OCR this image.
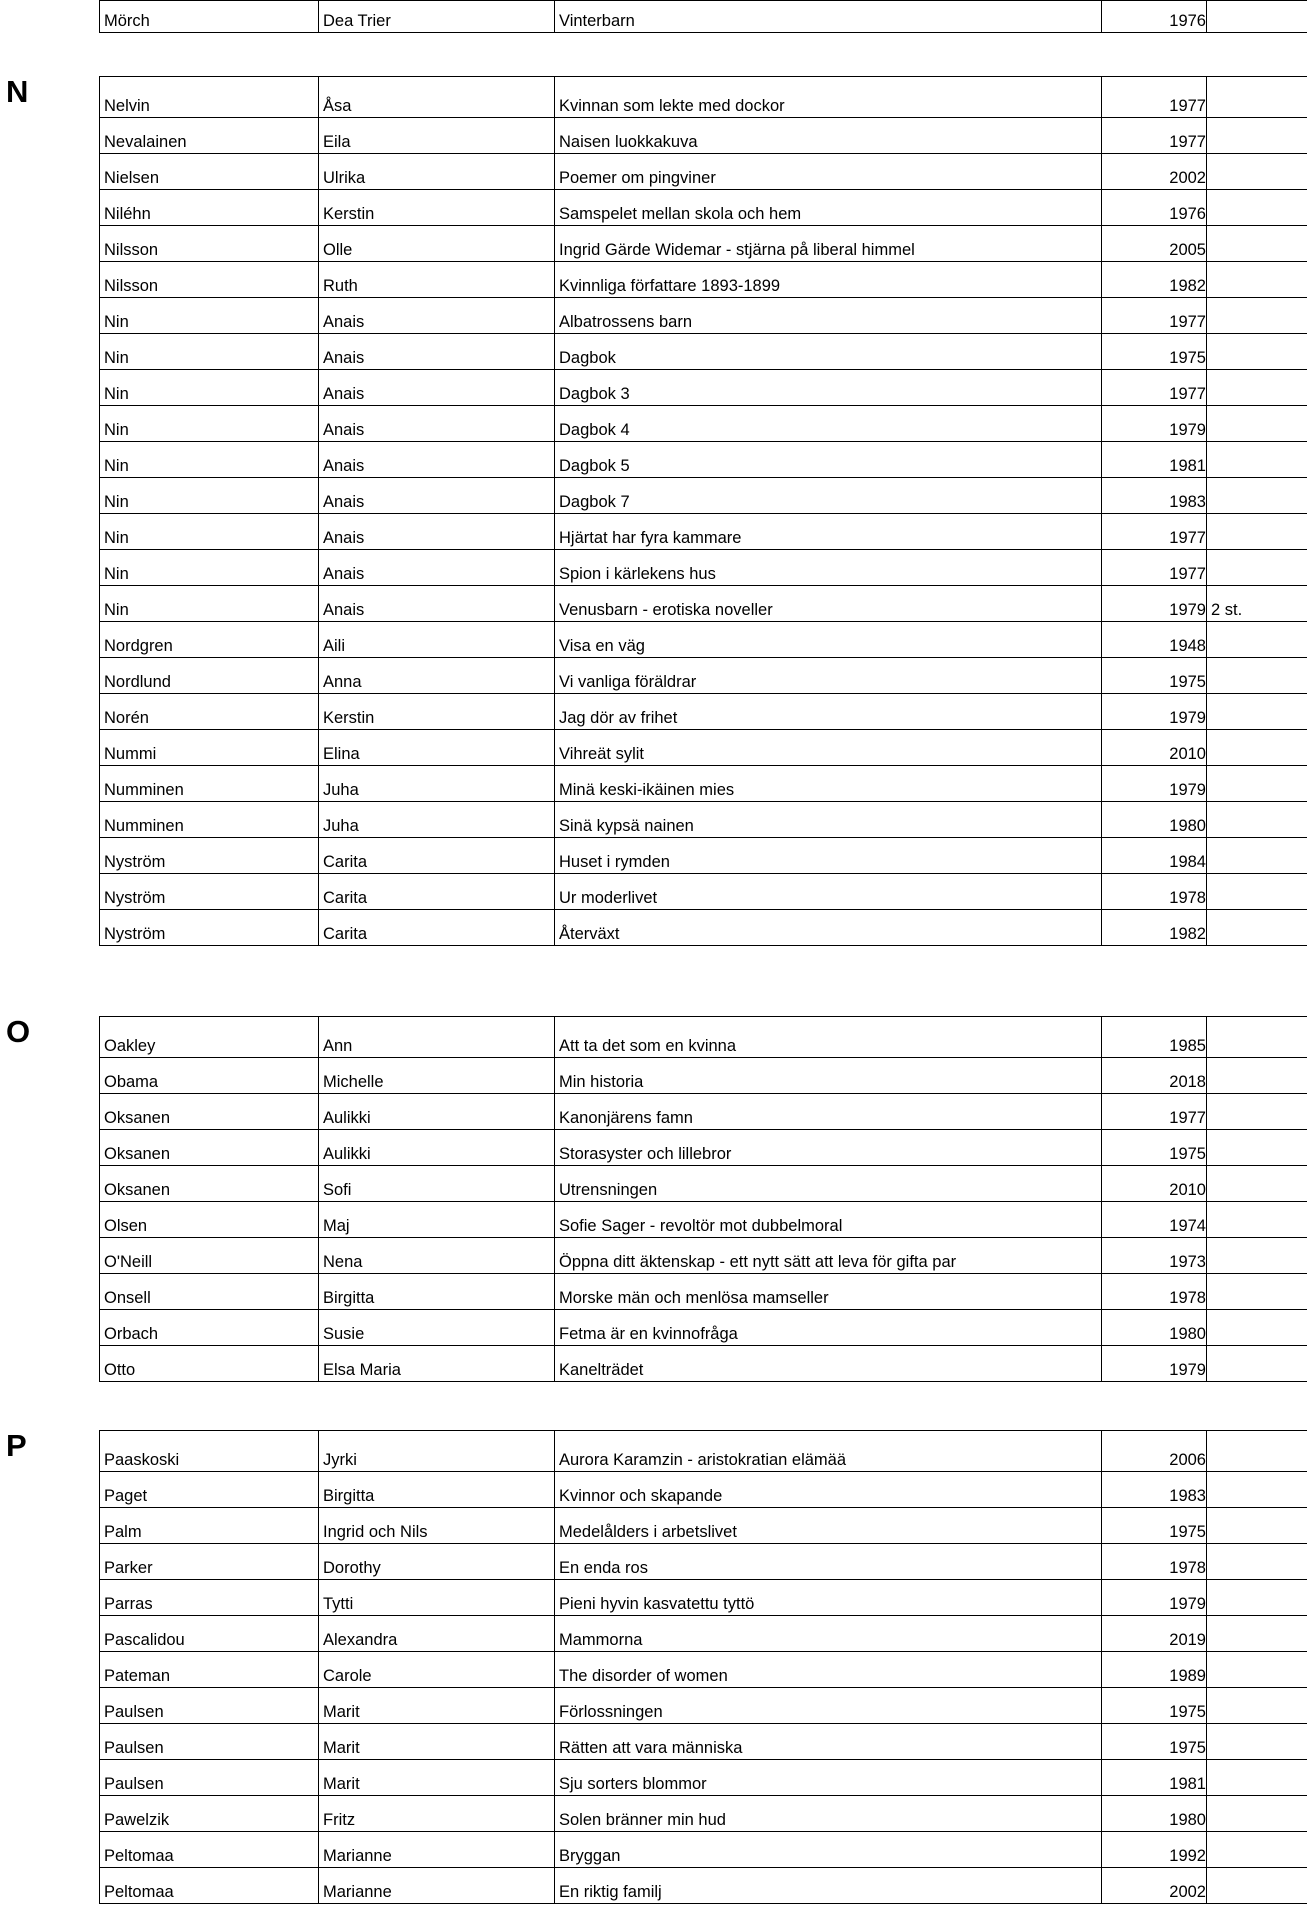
Mörch	Dea Trier	Vinterbarn	1976	
N	Nelvin	Åsa	Kvinnan som lekte med dockor	1977	
Nevalainen	Eila	Naisen luokkakuva	1977	
Nielsen	Ulrika	Poemer om pingviner	2002	
Niléhn	Kerstin	Samspelet mellan skola och hem	1976	
Nilsson	Olle	Ingrid Gärde Widemar - stjärna på liberal himmel	2005	
Nilsson	Ruth	Kvinnliga författare 1893-1899	1982	
Nin	Anais	Albatrossens barn	1977	
Nin	Anais	Dagbok	1975	
Nin	Anais	Dagbok 3	1977	
Nin	Anais	Dagbok 4	1979	
Nin	Anais	Dagbok 5	1981	
Nin	Anais	Dagbok 7	1983	
Nin	Anais	Hjärtat har fyra kammare	1977	
Nin	Anais	Spion i kärlekens hus	1977	
Nin	Anais	Venusbarn - erotiska noveller	1979	2 st.
Nordgren	Aili	Visa en väg	1948	
Nordlund	Anna	Vi vanliga föräldrar	1975	
Norén	Kerstin	Jag dör av frihet	1979	
Nummi	Elina	Vihreät sylit	2010	
Numminen	Juha	Minä keski-ikäinen mies	1979	
Numminen	Juha	Sinä kypsä nainen	1980	
Nyström	Carita	Huset i rymden	1984	
Nyström	Carita	Ur moderlivet	1978	
Nyström	Carita	Återväxt	1982	
O	Oakley	Ann	Att ta det som en kvinna	1985	
Obama	Michelle	Min historia	2018	
Oksanen	Aulikki	Kanonjärens famn	1977	
Oksanen	Aulikki	Storasyster och lillebror	1975	
Oksanen	Sofi	Utrensningen	2010	
Olsen	Maj	Sofie Sager - revoltör mot dubbelmoral	1974	
O'Neill	Nena	Öppna ditt äktenskap - ett nytt sätt att leva för gifta par	1973	
Onsell	Birgitta	Morske män och menlösa mamseller	1978	
Orbach	Susie	Fetma är en kvinnofråga	1980	
Otto	Elsa Maria	Kanelträdet	1979	
P	Paaskoski	Jyrki	Aurora Karamzin - aristokratian elämää	2006	
Paget	Birgitta	Kvinnor och skapande	1983	
Palm	Ingrid och Nils	Medelålders i arbetslivet	1975	
Parker	Dorothy	En enda ros	1978	
Parras	Tytti	Pieni hyvin kasvatettu tyttö	1979	
Pascalidou	Alexandra	Mammorna	2019	
Pateman	Carole	The disorder of women	1989	
Paulsen	Marit	Förlossningen	1975	
Paulsen	Marit	Rätten att vara människa	1975	
Paulsen	Marit	Sju sorters blommor	1981	
Pawelzik	Fritz	Solen bränner min hud	1980	
Peltomaa	Marianne	Bryggan	1992	
Peltomaa	Marianne	En riktig familj	2002	
